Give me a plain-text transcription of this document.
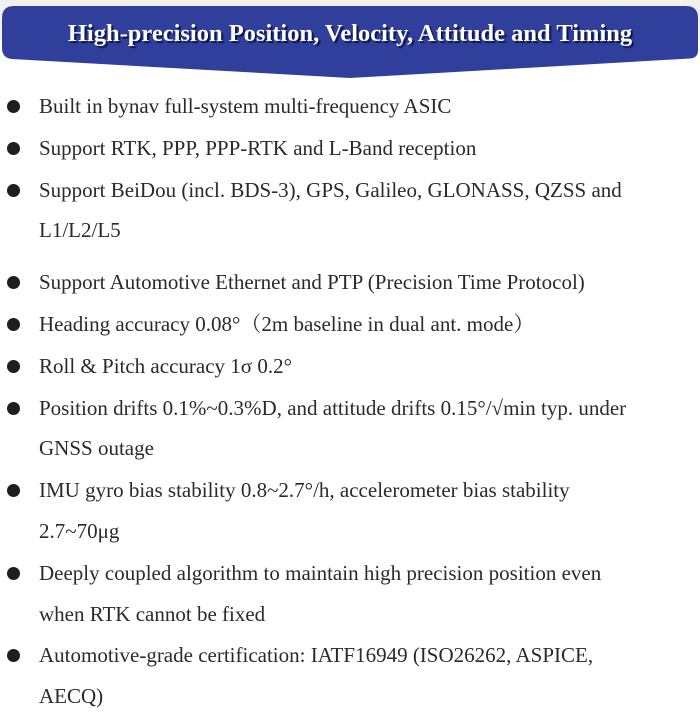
High-precision Position, Velocity, Attitude and Timing
Built in bynav full-system multi-frequency ASIC
Support RTK, PPP, PPP-RTK and L-Band reception
Support BeiDou (incl. BDS-3), GPS, Galileo, GLONASS, QZSS and
L1/L2/L5
Support Automotive Ethernet and PTP (Precision Time Protocol)
Heading accuracy 0.08°（2m baseline in dual ant. mode）
Roll & Pitch accuracy 1σ 0.2°
Position drifts 0.1%~0.3%D, and attitude drifts 0.15°/√min typ. under
GNSS outage
IMU gyro bias stability 0.8~2.7°/h, accelerometer bias stability
2.7~70μg
Deeply coupled algorithm to maintain high precision position even
when RTK cannot be fixed
Automotive-grade certification: IATF16949 (ISO26262, ASPICE,
AECQ)
